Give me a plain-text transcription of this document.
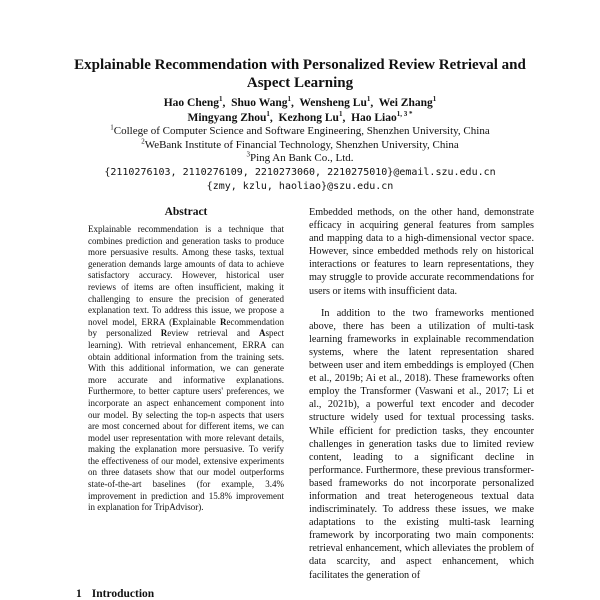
Explainable Recommendation with Personalized Review Retrieval and Aspect Learning
Hao Cheng$^1$, Shuo Wang$^1$, Wensheng Lu$^1$, Wei Zhang$^1$
Mingyang Zhou$^1$, Kezhong Lu$^1$, Hao Liao$^{1, 3 *}$
$^1$College of Computer Science and Software Engineering, Shenzhen University, China
$^2$WeBank Institute of Financial Technology, Shenzhen University, China
$^3$Ping An Bank Co., Ltd.
{2110276103, 2110276109, 2210273060, 2210275010}@email.szu.edu.cn
{zmy, kzlu, haoliao}@szu.edu.cn
Abstract
Explainable recommendation is a technique that combines prediction and generation tasks to produce more persuasive results. Among these tasks, textual generation demands large amounts of data to achieve satisfactory accuracy. However, historical user reviews of items are often insufficient, making it challenging to ensure the precision of generated explanation text. To address this issue, we propose a novel model, ERRA (Explainable Recommendation by personalized Review retrieval and Aspect learning). With retrieval enhancement, ERRA can obtain additional information from the training sets. With this additional information, we can generate more accurate and informative explanations. Furthermore, to better capture users' preferences, we incorporate an aspect enhancement component into our model. By selecting the top-n aspects that users are most concerned about for different items, we can model user representation with more relevant details, making the explanation more persuasive. To verify the effectiveness of our model, extensive experiments on three datasets show that our model outperforms state-of-the-art baselines (for example, 3.4% improvement in prediction and 15.8% improvement in explanation for TripAdvisor).

Embedded methods, on the other hand, demonstrate efficacy in acquiring general features from samples and mapping data to a high-dimensional vector space. However, since embedded methods rely on historical interactions or features to learn representations, they may struggle to provide accurate recommendations for users or items with insufficient data.

In addition to the two frameworks mentioned above, there has been a utilization of multi-task learning frameworks in explainable recommendation systems, where the latent representation shared between user and item embeddings is employed (Chen et al., 2019b; Ai et al., 2018). These frameworks often employ the Transformer (Vaswani et al., 2017; Li et al., 2021b), a powerful text encoder and decoder structure widely used for textual processing tasks. While efficient for prediction tasks, they encounter challenges in generation tasks due to limited review content, leading to a significant decline in performance. Furthermore, these previous transformer-based frameworks do not incorporate personalized information and treat heterogeneous textual data indiscriminately. To address these issues, we make adaptations to the existing multi-task learning framework by incorporating two main components: retrieval enhancement, which alleviates the problem of data scarcity, and aspect enhancement, which facilitates the generation of

1 Introduction
